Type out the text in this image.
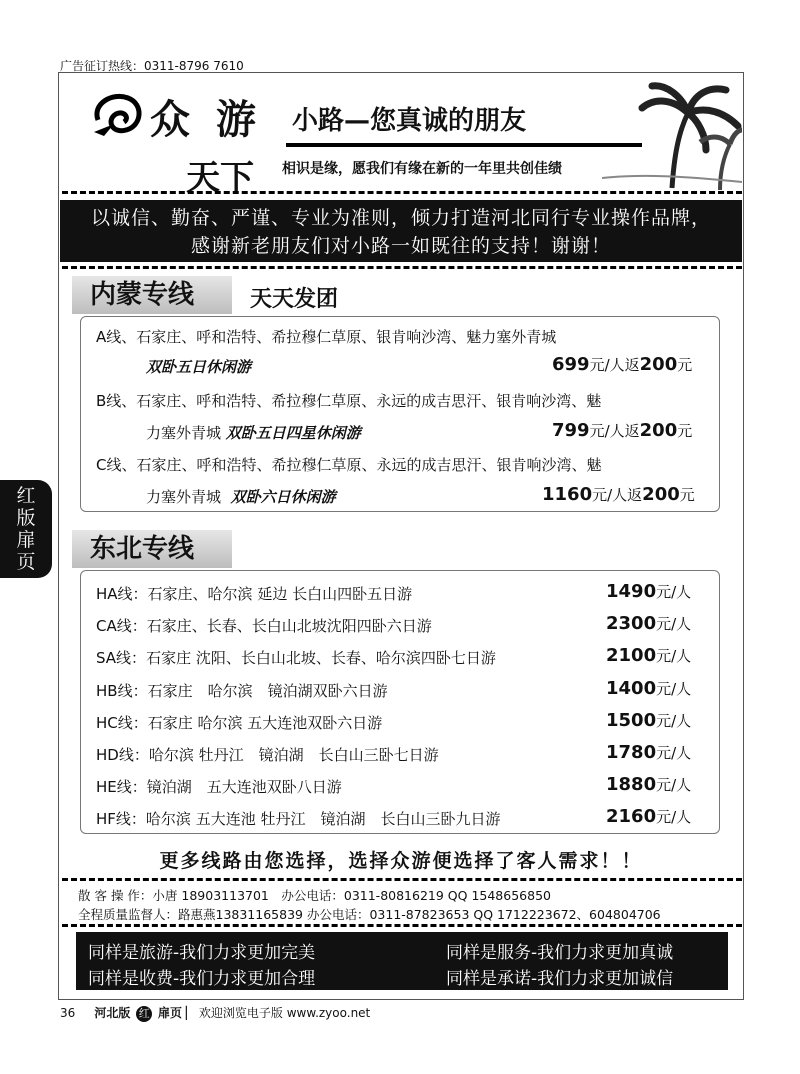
广告征订热线：0311-8796 7610
众 游 小路—您真诚的朋友
天下 相识是缘，愿我们有缘在新的一年里共创佳绩
以诚信、勤奋、严谨、专业为准则，倾力打造河北同行专业操作品牌，
感谢新老朋友们对小路一如既往的支持！谢谢！
内蒙专线	天天发团
A线、石家庄、呼和浩特、希拉穆仁草原、银肯响沙湾、魅力塞外青城
双卧五日休闲游	699元/人返200元
B线、石家庄、呼和浩特、希拉穆仁草原、永远的成吉思汗、银肯响沙湾、魅
力塞外青城 双卧五日四星休闲游	799元/人返200元
C线、石家庄、呼和浩特、希拉穆仁草原、永远的成吉思汗、银肯响沙湾、魅
力塞外青城 双卧六日休闲游	1160元/人返200元
东北专线
HA线：石家庄、哈尔滨 延边 长白山四卧五日游	1490元/人
CA线：石家庄、长春、长白山北坡沈阳四卧六日游	2300元/人
SA线：石家庄 沈阳、长白山北坡、长春、哈尔滨四卧七日游	2100元/人
HB线：石家庄　哈尔滨　镜泊湖双卧六日游	1400元/人
HC线：石家庄 哈尔滨 五大连池双卧六日游	1500元/人
HD线：哈尔滨 牡丹江　镜泊湖　长白山三卧七日游	1780元/人
HE线：镜泊湖　五大连池双卧八日游	1880元/人
HF线：哈尔滨 五大连池 牡丹江　镜泊湖　长白山三卧九日游	2160元/人
更多线路由您选择，选择众游便选择了客人需求！！
散 客 操 作：小唐 18903113701　办公电话：0311-80816219 QQ 1548656850
全程质量监督人：路惠燕13831165839 办公电话：0311-87823653 QQ 1712223672、604804706
同样是旅游-我们力求更加完美	同样是服务-我们力求更加真诚
同样是收费-我们力求更加合理	同样是承诺-我们力求更加诚信
36 河北版 红 扉页 ▏ 欢迎浏览电子版 www.zyoo.net
红
版
扉
页
